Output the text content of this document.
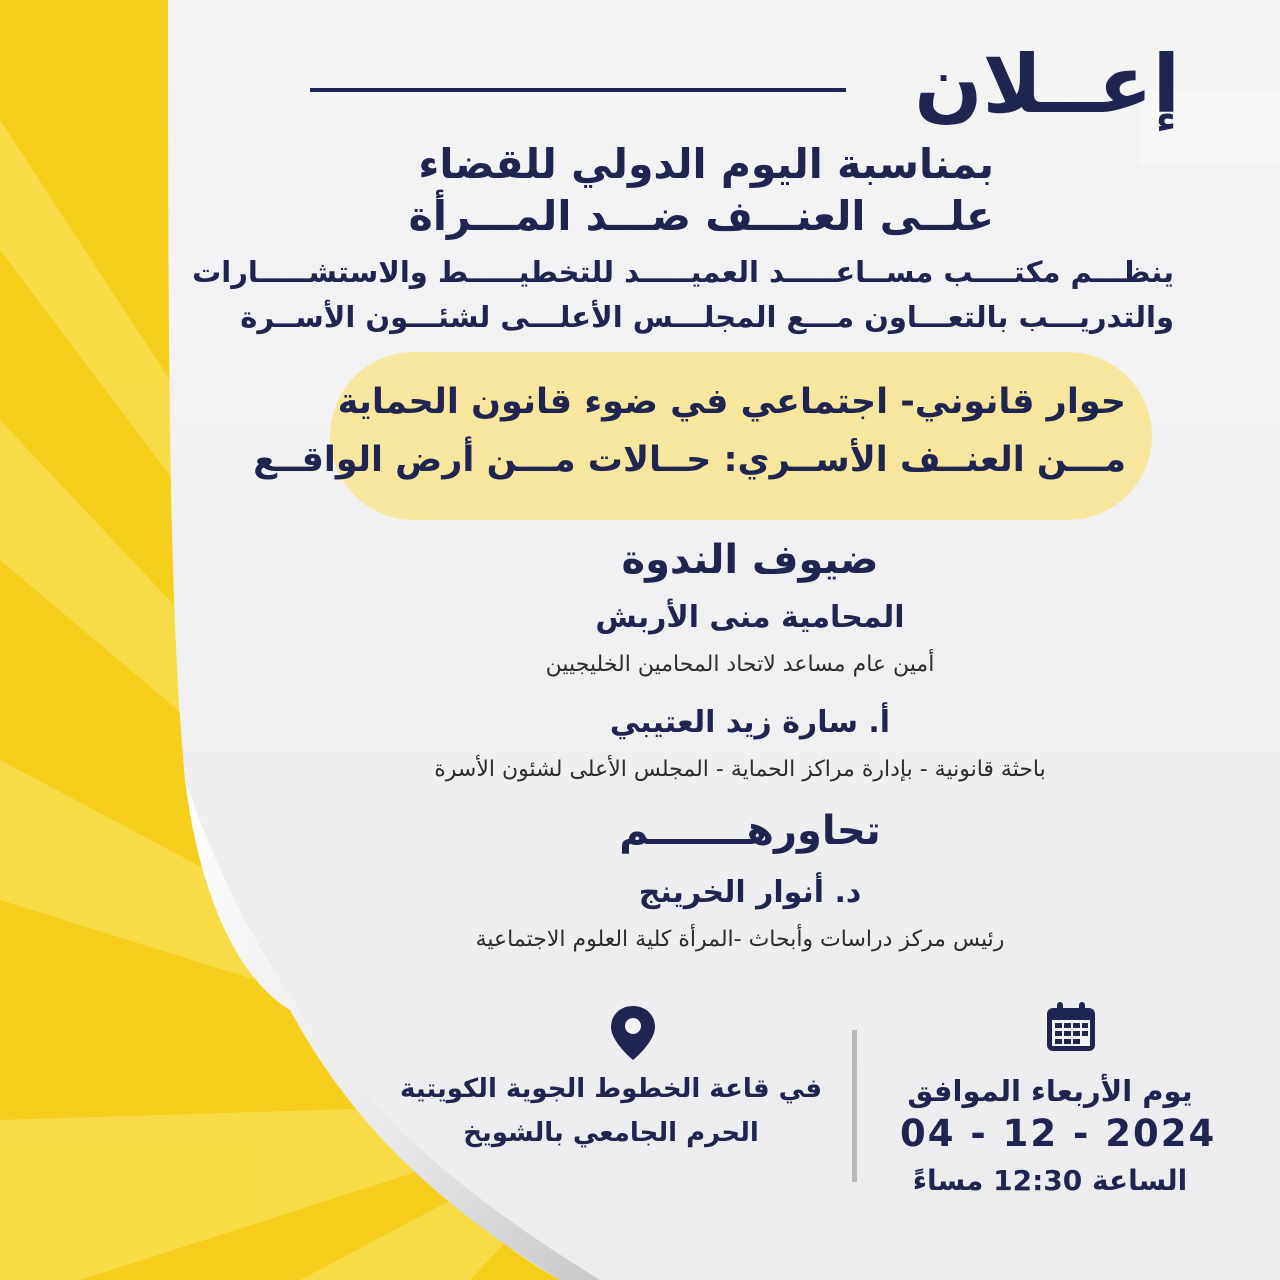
إعــلان
بمناسبة اليوم الدولي للقضاء
علــى العنـــف ضـــد المـــرأة
ينظـــم مكتــــب مســاعـــــد العميـــــد للتخطيـــــط والاستشـــــارات
والتدريـــب بالتعـــاون مـــع المجلـــس الأعلـــى لشئـــون الأســرة
حوار قانوني- اجتماعي في ضوء قانون الحماية
مـــن العنــف الأســري: حــالات مـــن أرض الواقــع
ضيوف الندوة
المحامية منى الأربش
أمين عام مساعد لاتحاد المحامين الخليجيين
أ. سارة زيد العتيبي
باحثة قانونية - بإدارة مراكز الحماية - المجلس الأعلى لشئون الأسرة
تحاورهـــــــم
د. أنوار الخرينج
رئيس مركز دراسات وأبحاث -المرأة كلية العلوم الاجتماعية
في قاعة الخطوط الجوية الكويتية
الحرم الجامعي بالشويخ
يوم الأربعاء الموافق
04 - 12 - 2024
الساعة 12:30 مساءً
